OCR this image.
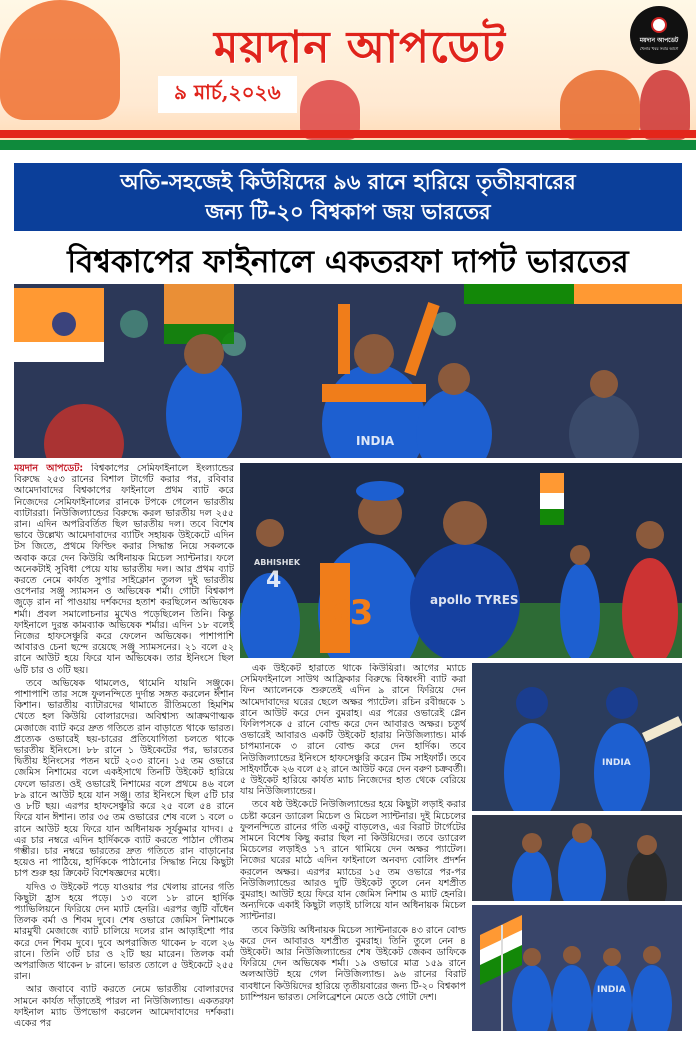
ময়দান আপডেট
৯ মার্চ,২০২৬
ময়দান আপডেট
খেলার খবর সবার আগে
অতি-সহজেই কিউয়িদের ৯৬ রানে হারিয়ে তৃতীয়বারের
জন্য টি-২০ বিশ্বকাপ জয় ভারতের
বিশ্বকাপের ফাইনালে একতরফা দাপট ভারতের
INDIA

ময়দান আপডেট: বিশ্বকাপের সেমিফাইনালে ইংল্যান্ডের বিরুদ্ধে ২৫৩ রানের বিশাল টার্গেট করার পর, রবিবার আমেদাবাদের বিশ্বকাপের ফাইনালে প্রথম ব্যাট করে নিজেদের সেমিফাইনালের রানকে টপকে গেলেন ভারতীয় ব্যাটাররা। নিউজিল্যান্ডের বিরুদ্ধে করল ভারতীয় দল ২৫৫ রান। এদিন অপরিবর্তিত ছিল ভারতীয় দল। তবে বিশেষ ভাবে উল্লেখ্য আমেদাবাদের ব্যাটিং সহায়ক উইকেটে এদিন টস জিতে, প্রথমে ফিল্ডিং করার সিদ্ধান্ত নিয়ে সকলকে অবাক করে দেন কিউয়ি অধিনায়ক মিচেল স্যান্টনার। ফলে অনেকটাই সুবিধা পেয়ে যায় ভারতীয় দল। আর প্রথম ব্যাট করতে নেমে কার্যত সুপার সাইক্লোন তুলল দুই ভারতীয় ওপেনার সঞ্জু স্যামসন ও অভিষেক শর্মা। গোটা বিশ্বকাপ জুড়ে রান না পাওয়ায় দর্শকদের হতাশ করছিলেন অভিষেক শর্মা। প্রবল সমালোচনার মুখেও পড়েছিলেন তিনি। কিন্তু ফাইনালে দুরন্ত কামব্যাক অভিষেক শর্মার। এদিন ১৮ বলেই নিজের হাফসেঞ্চুরি করে ফেলেন অভিষেক। পাশাপাশি আবারও চেনা ছন্দে রয়েছে সঞ্জু স্যামসনের। ২১ বলে ৫২ রানে আউট হয়ে ফিরে যান অভিষেক। তার ইনিংসে ছিল ৬টি চার ও ৩টি ছয়।

তবে অভিষেক থামলেও, থামেনি যায়নি সঞ্জুকে। পাশাপাশি তার সঙ্গে ফুলনন্দিতে দুর্দান্ত সঙ্গত করলেন ঈশান কিশান। ভারতীয় ব্যাটারদের থামাতে রীতিমতো হিমশিম খেতে হল কিউয়ি বোলারদের। অবিশ্বাস্য আক্রমণাত্মক মেজাজে ব্যাট করে দ্রুত গতিতে রান বাড়াতে থাকে ভারত। প্রত্যেক ওভারেই ছয়-চারের প্রতিযোগিতা চলতে থাকে ভারতীয় ইনিংসে। ৮৮ রানে ১ উইকেটের পর, ভারতের দ্বিতীয় ইনিংসের পতন ঘটে ২০৩ রানে। ১৫ তম ওভারে জেমিস নিশামের বলে একইসাথে তিনটি উইকেট হারিয়ে ফেলে ভারত। ওই ওভারেই নিশামের বলে প্রথমে ৪৬ বলে ৮৯ রানে আউট হয়ে যান সঞ্জু। তার ইনিংসে ছিল ৫টি চার ও ৮টি ছয়। এরপর হাফসেঞ্চুরি করে ২৫ বলে ৫৪ রানে ফিরে যান ঈশান। তার ৩৫ তম ওভারের শেষ বলে ১ বলে ০ রানে আউট হয়ে ফিরে যান অধিনায়ক সূর্যকুমার যাদব। ৫ এর চার নম্বরে এদিন হার্দিককে ব্যাট করতে পাঠান গৌতম গম্ভীর। চার নম্বরে ভারতের দ্রুত গতিতে রান বাড়ানোর হয়েও না পাঠিয়ে, হার্দিককে পাঠানোর সিদ্ধান্ত নিয়ে কিছুটা চাপ শুরু হয় ক্রিকেট বিশেষজ্ঞদের মধ্যে।

যদিও ৩ উইকেট পড়ে যাওয়ার পর খেলায় রানের গতি কিছুটা হ্রাস হয়ে পড়ে। ১৩ বলে ১৮ রানে হার্দিক প্যাভিলিয়নে ফিরিয়ে দেন ম্যাট হেনরি। এরপর জুটি বাঁধেন তিলক বর্মা ও শিবম দুবে। শেষ ওভারে জেমিস নিশামকে মারমুখী মেজাজে ব্যাট চালিয়ে দলের রান আড়াইশো পার করে দেন শিবম দুবে। দুবে অপরাজিত থাকেন ৮ বলে ২৬ রানে। তিনি ৩টি চার ও ২টি ছয় মারেন। তিলক বর্মা অপরাজিত থাকেন ৮ রানে। ভারত তোলে ৫ উইকেটে ২৫৫ রান।

আর জবাবে ব্যাট করতে নেমে ভারতীয় বোলারদের সামনে কার্যত দাঁড়াতেই পারল না নিউজিল্যান্ড। একতরফা ফাইনাল ম্যাচ উপভোগ করলেন আমেদাবাদের দর্শকরা। একের পর

ABHISHEK
4
63	apollo TYRES

এক উইকেট হারাতে থাকে কিউয়িরা। আগের ম্যাচে সেমিফাইনালে সাউথ আফ্রিকার বিরুদ্ধে বিধ্বংসী ব্যাট করা ফিন অ্যালেনকে শুরুতেই এদিন ৯ রানে ফিরিয়ে দেন আমেদাবাদের ঘরের ছেলে অক্ষর প্যাটেল। রচিন রবীন্দ্রকে ১ রানে আউট করে দেন বুমরাহ। এর পরের ওভারেই গ্লেন ফিলিপসকে ৫ রানে বোল্ড করে দেন আবারও অক্ষর। চতুর্থ ওভারেই আবারও একটি উইকেট হারায় নিউজিল্যান্ড। মার্ক চাপম্যানকে ৩ রানে বোল্ড করে দেন হার্দিক। তবে নিউজিল্যান্ডের ইনিংসে হাফসেঞ্চুরি করেন টিম সাইফার্ট। তবে সাইফার্টকে ২৬ বলে ৫২ রানে আউট করে দেন বরুণ চক্রবর্তী। ৫ উইকেট হারিয়ে কার্যত ম্যাচ নিজেদের হাত থেকে বেরিয়ে যায় নিউজিল্যান্ডের।

তবে ষষ্ঠ উইকেটে নিউজিল্যান্ডের হয়ে কিছুটা লড়াই করার চেষ্টা করেন ড্যারেল মিচেল ও মিচেল স্যান্টনার। দুই মিচেলের ফুলনন্দিতে রানের গতি একটু বাড়লেও, এর বিরাট টার্গেটের সামনে বিশেষ কিছু করার ছিল না কিউয়িদের। তবে ড্যারেল মিচেলের লড়াইও ১৭ রানে থামিয়ে দেন অক্ষর প্যাটেল। নিজের ঘরের মাঠে এদিন ফাইনালে অনবদ্য বোলিং প্রদর্শন করলেন অক্ষর। এরপর ম্যাচের ১৫ তম ওভারে পর-পর নিউজিল্যান্ডের আরও দুটি উইকেট তুলে নেন যশপ্রীত বুমরাহ। আউট হয়ে ফিরে যান জেমিস নিশাম ও ম্যাট হেনরি। অন্যদিকে একাই কিছুটা লড়াই চালিয়ে যান অধিনায়ক মিচেল স্যান্টনার।

তবে কিউয়ি অধিনায়ক মিচেল স্যান্টনারকে ৪৩ রানে বোল্ড করে দেন আবারও যশপ্রীত বুমরাহ। তিনি তুলে নেন ৪ উইকেট। আর নিউজিল্যান্ডের শেষ উইকেট জেকব ডাফিকে ফিরিয়ে দেন অভিষেক শর্মা। ১৯ ওভারে মাত্র ১৫৯ রানে অলআউট হয়ে গেল নিউজিল্যান্ড। ৯৬ রানের বিরাট ব্যবধানে কিউয়িদের হারিয়ে তৃতীয়বারের জন্য টি-২০ বিশ্বকাপ চ্যাম্পিয়ন ভারত। সেলিব্রেশনে মেতে ওঠে গোটা দেশ।

INDIA
INDIA
